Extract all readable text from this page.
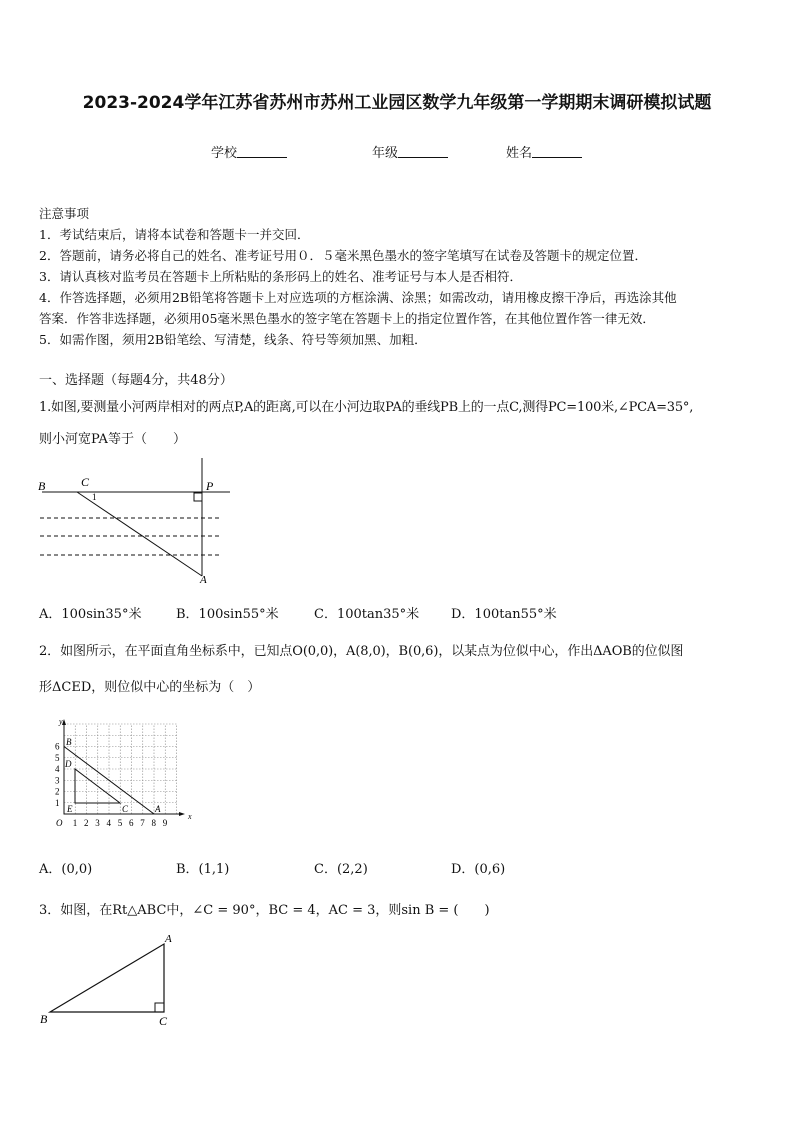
2023-2024学年江苏省苏州市苏州工业园区数学九年级第一学期期末调研模拟试题
学校	年级	姓名
注意事项
1．考试结束后，请将本试卷和答题卡一并交回．
2．答题前，请务必将自己的姓名、准考证号用０．５毫米黑色墨水的签字笔填写在试卷及答题卡的规定位置．
3．请认真核对监考员在答题卡上所粘贴的条形码上的姓名、准考证号与本人是否相符．
4．作答选择题，必须用2B铅笔将答题卡上对应选项的方框涂满、涂黑；如需改动，请用橡皮擦干净后，再选涂其他
答案．作答非选择题，必须用05毫米黑色墨水的签字笔在答题卡上的指定位置作答，在其他位置作答一律无效．
5．如需作图，须用2B铅笔绘、写清楚，线条、符号等须加黑、加粗．
一、选择题（每题4分，共48分）
1.如图,要测量小河两岸相对的两点P,A的距离,可以在小河边取PA的垂线PB上的一点C,测得PC=100米,∠PCA=35°,
则小河宽PA等于（　　）
B	C	P
A
1
A．100sin35°米	B．100sin55°米	C．100tan35°米 D．100tan55°米
2．如图所示，在平面直角坐标系中，已知点O(0,0)，A(8,0)，B(0,6)，以某点为位似中心，作出ΔAOB的位似图
形ΔCED，则位似中心的坐标为（　）
x
y
O 1 2 3 4 5 6 7 8 9
1
2
3
4
5
6 B
D
E	C	A
A．(0,0)	B．(1,1)	C．(2,2)	D．(0,6)
3．如图，在Rt△ABC中，∠C = 90°，BC = 4，AC = 3，则sin B = (　　)
A
B	C
